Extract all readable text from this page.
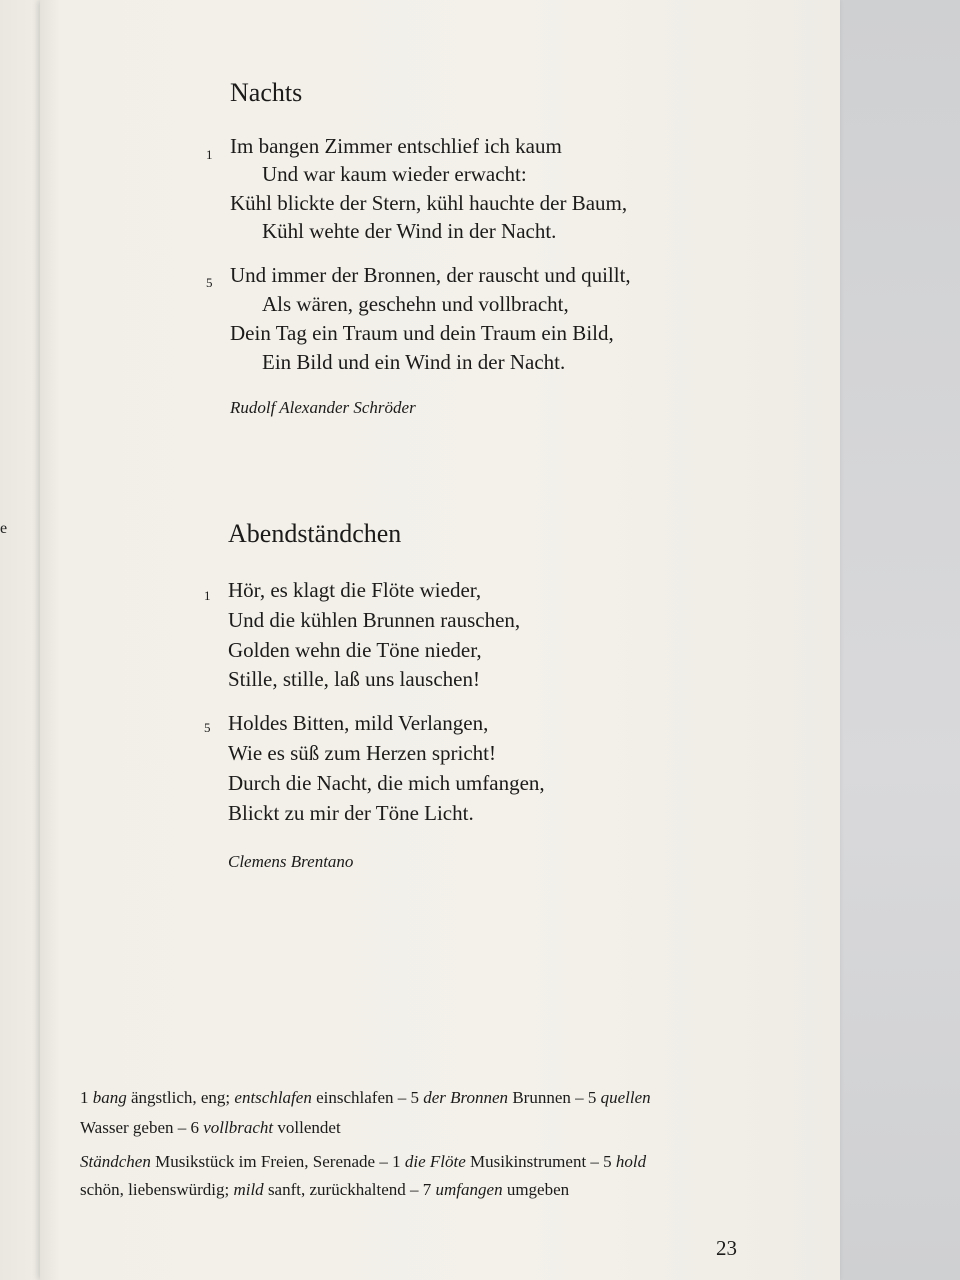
e
Nachts
1 Im bangen Zimmer entschlief ich kaum
Und war kaum wieder erwacht:
Kühl blickte der Stern, kühl hauchte der Baum,
Kühl wehte der Wind in der Nacht.
5 Und immer der Bronnen, der rauscht und quillt,
Als wären, geschehn und vollbracht,
Dein Tag ein Traum und dein Traum ein Bild,
Ein Bild und ein Wind in der Nacht.
Rudolf Alexander Schröder
Abendständchen
1 Hör, es klagt die Flöte wieder,
Und die kühlen Brunnen rauschen,
Golden wehn die Töne nieder,
Stille, stille, laß uns lauschen!
5 Holdes Bitten, mild Verlangen,
Wie es süß zum Herzen spricht!
Durch die Nacht, die mich umfangen,
Blickt zu mir der Töne Licht.
Clemens Brentano
1 bang ängstlich, eng; entschlafen einschlafen – 5 der Bronnen Brunnen – 5 quellen
Wasser geben – 6 vollbracht vollendet
Ständchen Musikstück im Freien, Serenade – 1 die Flöte Musikinstrument – 5 hold
schön, liebenswürdig; mild sanft, zurückhaltend – 7 umfangen umgeben
23
